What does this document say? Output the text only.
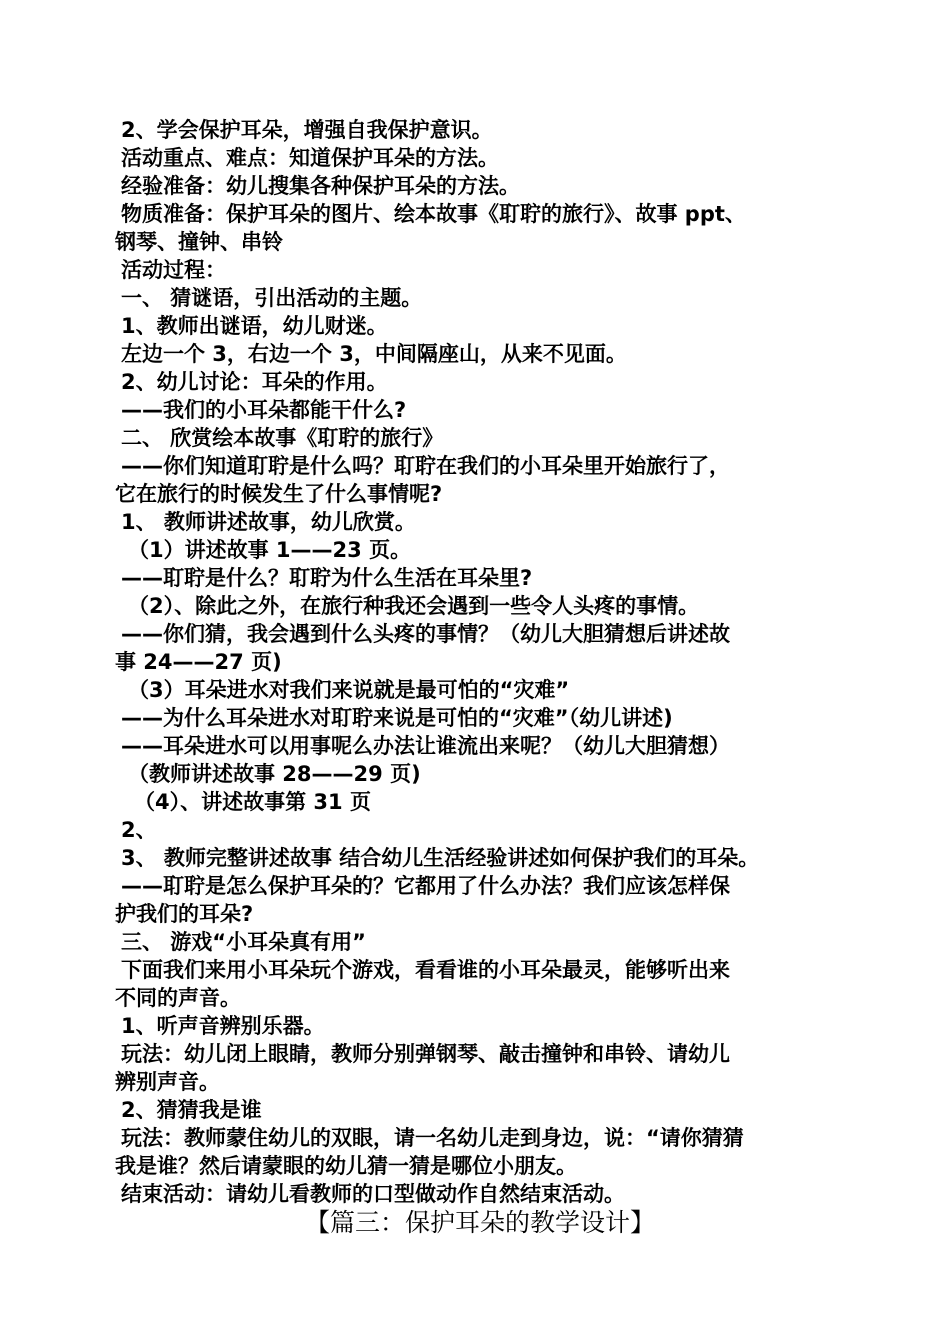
2、学会保护耳朵，增强自我保护意识。
活动重点、难点：知道保护耳朵的方法。
经验准备：幼儿搜集各种保护耳朵的方法。
物质准备：保护耳朵的图片、绘本故事《耵聍的旅行》、故事 ppt、
钢琴、撞钟、串铃
活动过程：
一、 猜谜语，引出活动的主题。
1、教师出谜语，幼儿财迷。
左边一个 3，右边一个 3，中间隔座山，从来不见面。
2、幼儿讨论：耳朵的作用。
——我们的小耳朵都能干什么?
二、 欣赏绘本故事《耵聍的旅行》
——你们知道耵聍是什么吗？耵聍在我们的小耳朵里开始旅行了，
它在旅行的时候发生了什么事情呢?
1、 教师讲述故事，幼儿欣赏。
（1）讲述故事 1——23 页。
——耵聍是什么？耵聍为什么生活在耳朵里?
（2）、除此之外，在旅行种我还会遇到一些令人头疼的事情。
——你们猜，我会遇到什么头疼的事情？（幼儿大胆猜想后讲述故
事 24——27 页)
（3）耳朵进水对我们来说就是最可怕的“灾难”
——为什么耳朵进水对耵聍来说是可怕的“灾难”（幼儿讲述)
——耳朵进水可以用事呢么办法让谁流出来呢？（幼儿大胆猜想）
（教师讲述故事 28——29 页)
（4）、讲述故事第 31 页
2、
3、 教师完整讲述故事 结合幼儿生活经验讲述如何保护我们的耳朵。
——耵聍是怎么保护耳朵的？它都用了什么办法？我们应该怎样保
护我们的耳朵?
三、 游戏“小耳朵真有用”
下面我们来用小耳朵玩个游戏，看看谁的小耳朵最灵，能够听出来
不同的声音。
1、听声音辨别乐器。
玩法：幼儿闭上眼睛，教师分别弹钢琴、敲击撞钟和串铃、请幼儿
辨别声音。
2、猜猜我是谁
玩法：教师蒙住幼儿的双眼，请一名幼儿走到身边，说：“请你猜猜
我是谁？然后请蒙眼的幼儿猜一猜是哪位小朋友。
结束活动：请幼儿看教师的口型做动作自然结束活动。
【篇三：保护耳朵的教学设计】
